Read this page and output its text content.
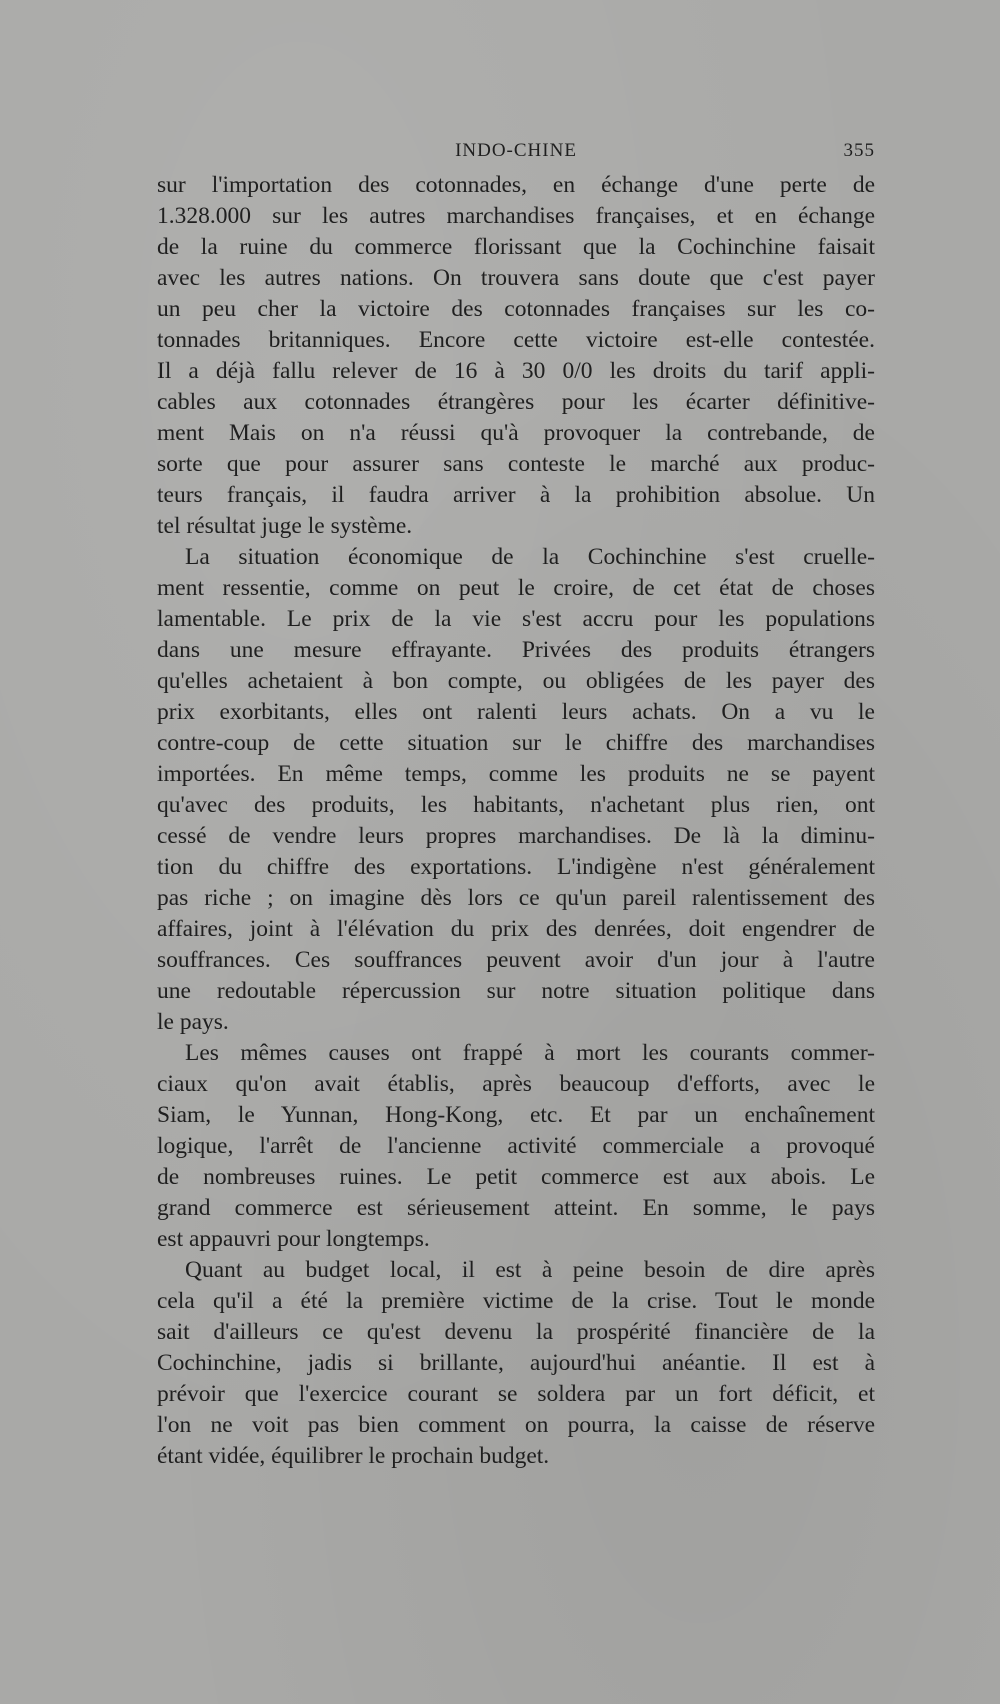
INDO-CHINE	355
sur l'importation des cotonnades, en échange d'une perte de
1.328.000 sur les autres marchandises françaises, et en échange
de la ruine du commerce florissant que la Cochinchine faisait
avec les autres nations. On trouvera sans doute que c'est payer
un peu cher la victoire des cotonnades françaises sur les co-
tonnades britanniques. Encore cette victoire est-elle contestée.
Il a déjà fallu relever de 16 à 30 0/0 les droits du tarif appli-
cables aux cotonnades étrangères pour les écarter définitive-
ment Mais on n'a réussi qu'à provoquer la contrebande, de
sorte que pour assurer sans conteste le marché aux produc-
teurs français, il faudra arriver à la prohibition absolue. Un
tel résultat juge le système.
La situation économique de la Cochinchine s'est cruelle-
ment ressentie, comme on peut le croire, de cet état de choses
lamentable. Le prix de la vie s'est accru pour les populations
dans une mesure effrayante. Privées des produits étrangers
qu'elles achetaient à bon compte, ou obligées de les payer des
prix exorbitants, elles ont ralenti leurs achats. On a vu le
contre-coup de cette situation sur le chiffre des marchandises
importées. En même temps, comme les produits ne se payent
qu'avec des produits, les habitants, n'achetant plus rien, ont
cessé de vendre leurs propres marchandises. De là la diminu-
tion du chiffre des exportations. L'indigène n'est généralement
pas riche ; on imagine dès lors ce qu'un pareil ralentissement des
affaires, joint à l'élévation du prix des denrées, doit engendrer de
souffrances. Ces souffrances peuvent avoir d'un jour à l'autre
une redoutable répercussion sur notre situation politique dans
le pays.
Les mêmes causes ont frappé à mort les courants commer-
ciaux qu'on avait établis, après beaucoup d'efforts, avec le
Siam, le Yunnan, Hong-Kong, etc. Et par un enchaînement
logique, l'arrêt de l'ancienne activité commerciale a provoqué
de nombreuses ruines. Le petit commerce est aux abois. Le
grand commerce est sérieusement atteint. En somme, le pays
est appauvri pour longtemps.
Quant au budget local, il est à peine besoin de dire après
cela qu'il a été la première victime de la crise. Tout le monde
sait d'ailleurs ce qu'est devenu la prospérité financière de la
Cochinchine, jadis si brillante, aujourd'hui anéantie. Il est à
prévoir que l'exercice courant se soldera par un fort déficit, et
l'on ne voit pas bien comment on pourra, la caisse de réserve
étant vidée, équilibrer le prochain budget.
